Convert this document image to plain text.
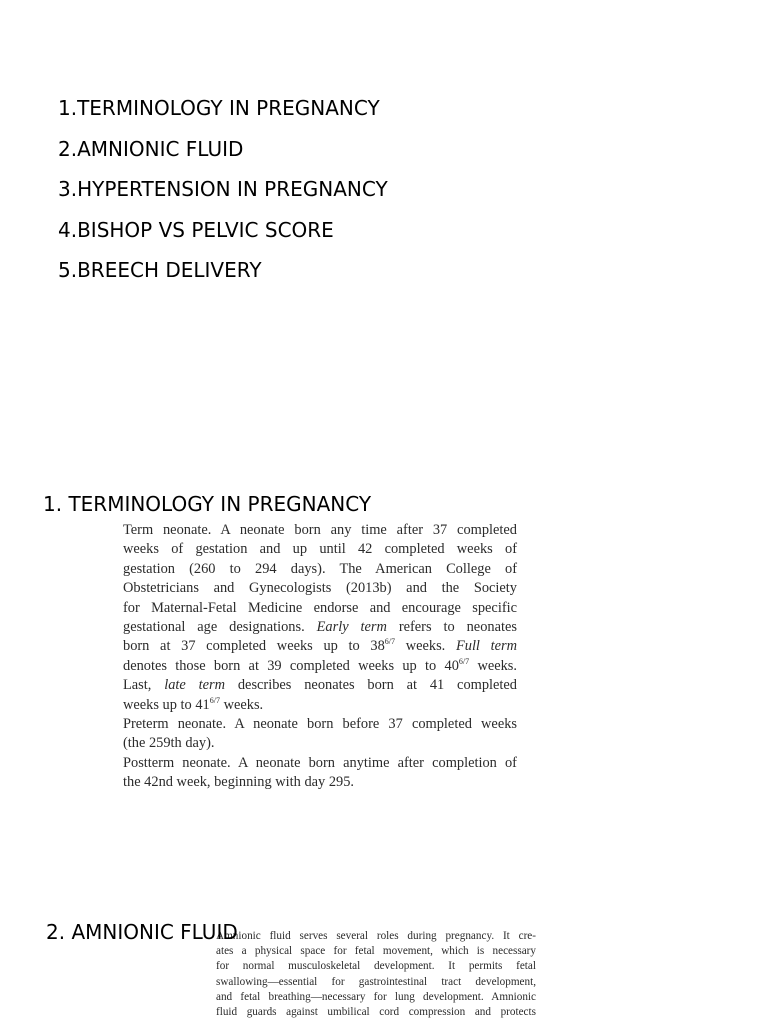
1.TERMINOLOGY IN PREGNANCY
2.AMNIONIC FLUID
3.HYPERTENSION IN PREGNANCY
4.BISHOP VS PELVIC SCORE
5.BREECH DELIVERY
1. TERMINOLOGY IN PREGNANCY
Term neonate. A neonate born any time after 37 completed
weeks of gestation and up until 42 completed weeks of
gestation (260 to 294 days). The American College of
Obstetricians and Gynecologists (2013b) and the Society
for Maternal-Fetal Medicine endorse and encourage specific
gestational age designations. Early term refers to neonates
born at 37 completed weeks up to $38^{6/7}$ weeks. Full term
denotes those born at 39 completed weeks up to $40^{6/7}$ weeks.
Last, late term describes neonates born at 41 completed
weeks up to $41^{6/7}$ weeks.
Preterm neonate. A neonate born before 37 completed weeks
(the 259th day).
Postterm neonate. A neonate born anytime after completion of
the 42nd week, beginning with day 295.
Amnionic fluid serves several roles during pregnancy. It cre-
ates a physical space for fetal movement, which is necessary
for normal musculoskeletal development. It permits fetal
swallowing—essential for gastrointestinal tract development,
and fetal breathing—necessary for lung development. Amnionic
fluid guards against umbilical cord compression and protects
2. AMNIONIC FLUID
